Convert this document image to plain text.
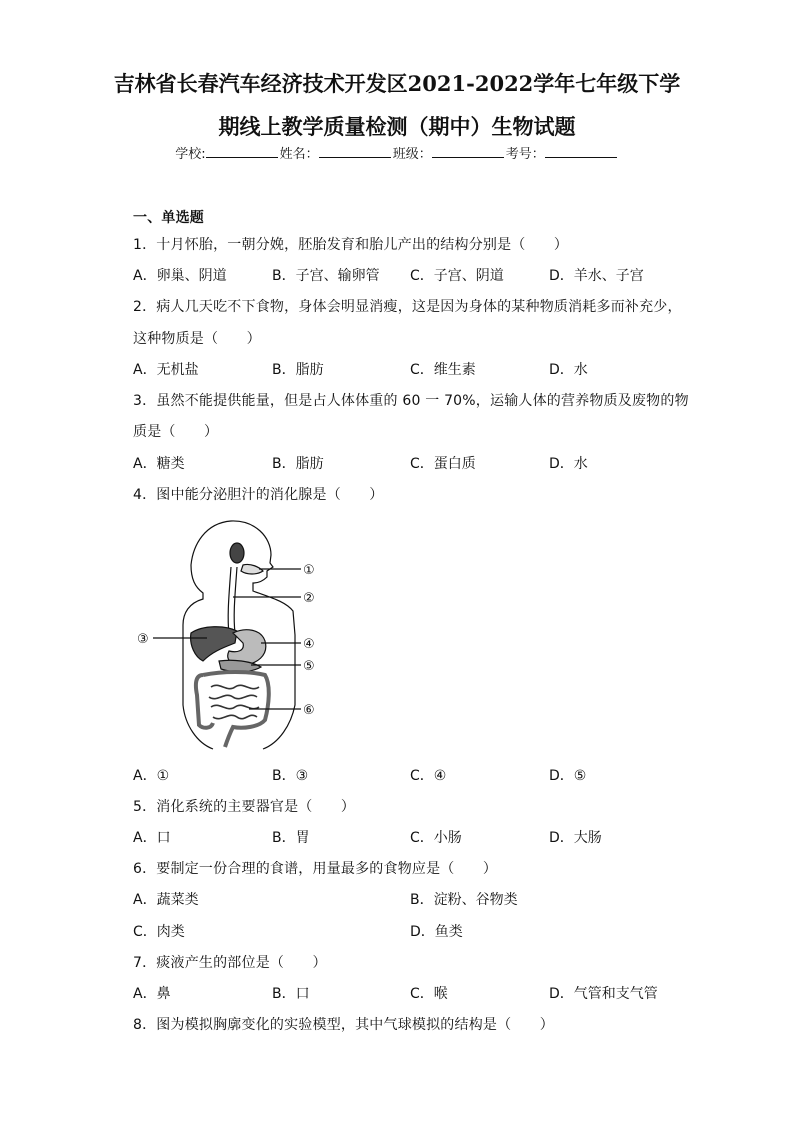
吉林省长春汽车经济技术开发区2021-2022学年七年级下学
期线上教学质量检测（期中）生物试题
学校:	姓名：	班级：	考号：
一、单选题
1．十月怀胎，一朝分娩，胚胎发育和胎儿产出的结构分别是（　　）
A．卵巢、阴道	B．子宫、输卵管 C．子宫、阴道	D．羊水、子宫
2．病人几天吃不下食物，身体会明显消瘦，这是因为身体的某种物质消耗多而补充少，
这种物质是（　　）
A．无机盐	B．脂肪	C．维生素	D．水
3．虽然不能提供能量，但是占人体体重的 60 一 70%，运输人体的营养物质及废物的物
质是（　　）
A．糖类	B．脂肪	C．蛋白质	D．水
4．图中能分泌胆汁的消化腺是（　　）
①
②
③	④
⑤
⑥
A．①	B．③	C．④	D．⑤
5．消化系统的主要器官是（　　）
A．口	B．胃	C．小肠	D．大肠
6．要制定一份合理的食谱，用量最多的食物应是（　　）
A．蔬菜类	B．淀粉、谷物类
C．肉类	D．鱼类
7．痰液产生的部位是（　　）
A．鼻	B．口	C．喉	D．气管和支气管
8．图为模拟胸廓变化的实验模型，其中气球模拟的结构是（　　）
